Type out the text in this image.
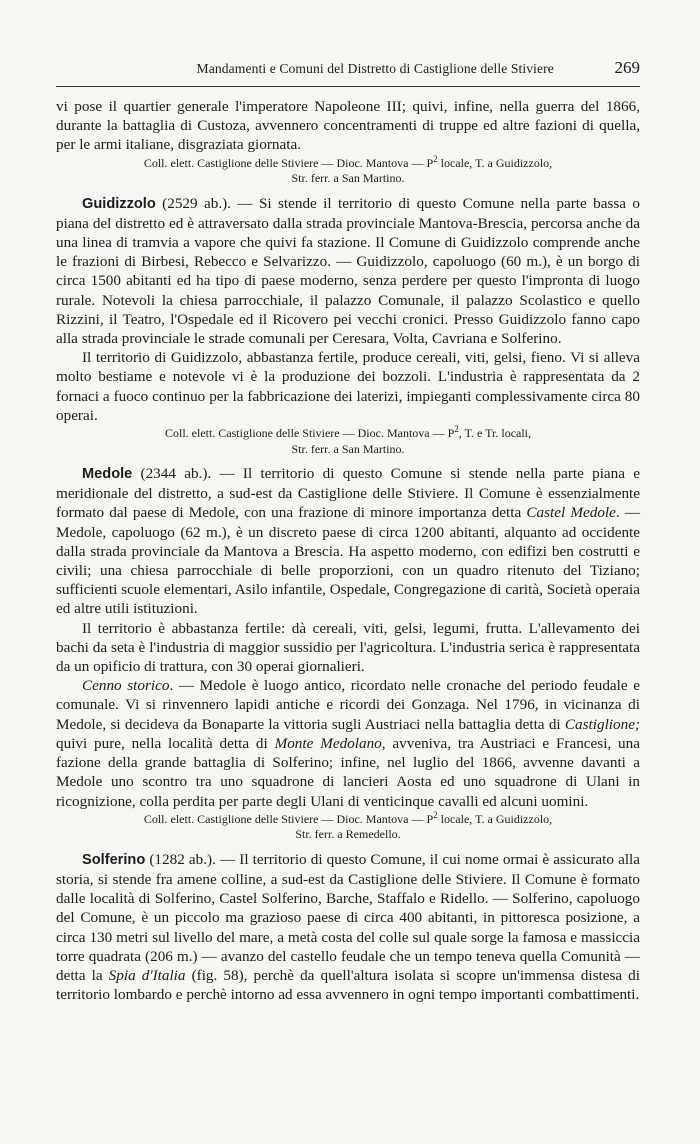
Mandamenti e Comuni del Distretto di Castiglione delle Stiviere	269

vi pose il quartier generale l'imperatore Napoleone III; quivi, infine, nella guerra del 1866, durante la battaglia di Custoza, avvennero concentramenti di truppe ed altre fazioni di quella, per le armi italiane, disgraziata giornata.

Coll. elett. Castiglione delle Stiviere — Dioc. Mantova — $P^2$ locale, T. a Guidizzolo,
Str. ferr. a San Martino.

Guidizzolo (2529 ab.). — Si stende il territorio di questo Comune nella parte bassa o piana del distretto ed è attraversato dalla strada provinciale Mantova-Brescia, percorsa anche da una linea di tramvia a vapore che quivi fa stazione. Il Comune di Guidizzolo comprende anche le frazioni di Birbesi, Rebecco e Selvarizzo. — Guidizzolo, capoluogo (60 m.), è un borgo di circa 1500 abitanti ed ha tipo di paese moderno, senza perdere per questo l'impronta di luogo rurale. Notevoli la chiesa parrocchiale, il palazzo Comunale, il palazzo Scolastico e quello Rizzini, il Teatro, l'Ospedale ed il Ricovero pei vecchi cronici. Presso Guidizzolo fanno capo alla strada provinciale le strade comunali per Ceresara, Volta, Cavriana e Solferino.

Il territorio di Guidizzolo, abbastanza fertile, produce cereali, viti, gelsi, fieno. Vi si alleva molto bestiame e notevole vi è la produzione dei bozzoli. L'industria è rappresentata da 2 fornaci a fuoco continuo per la fabbricazione dei laterizi, impieganti complessivamente circa 80 operai.

Coll. elett. Castiglione delle Stiviere — Dioc. Mantova — $P^2$, T. e Tr. locali,
Str. ferr. a San Martino.

Medole (2344 ab.). — Il territorio di questo Comune si stende nella parte piana e meridionale del distretto, a sud-est da Castiglione delle Stiviere. Il Comune è essenzialmente formato dal paese di Medole, con una frazione di minore importanza detta Castel Medole. — Medole, capoluogo (62 m.), è un discreto paese di circa 1200 abitanti, alquanto ad occidente dalla strada provinciale da Mantova a Brescia. Ha aspetto moderno, con edifizi ben costrutti e civili; una chiesa parrocchiale di belle proporzioni, con un quadro ritenuto del Tiziano; sufficienti scuole elementari, Asilo infantile, Ospedale, Congregazione di carità, Società operaia ed altre utili istituzioni.

Il territorio è abbastanza fertile: dà cereali, viti, gelsi, legumi, frutta. L'allevamento dei bachi da seta è l'industria di maggior sussidio per l'agricoltura. L'industria serica è rappresentata da un opificio di trattura, con 30 operai giornalieri.

Cenno storico. — Medole è luogo antico, ricordato nelle cronache del periodo feudale e comunale. Vi si rinvennero lapidi antiche e ricordi dei Gonzaga. Nel 1796, in vicinanza di Medole, si decideva da Bonaparte la vittoria sugli Austriaci nella battaglia detta di Castiglione; quivi pure, nella località detta di Monte Medolano, avveniva, tra Austriaci e Francesi, una fazione della grande battaglia di Solferino; infine, nel luglio del 1866, avvenne davanti a Medole uno scontro tra uno squadrone di lancieri Aosta ed uno squadrone di Ulani in ricognizione, colla perdita per parte degli Ulani di venticinque cavalli ed alcuni uomini.

Coll. elett. Castiglione delle Stiviere — Dioc. Mantova — $P^2$ locale, T. a Guidizzolo,
Str. ferr. a Remedello.

Solferino (1282 ab.). — Il territorio di questo Comune, il cui nome ormai è assicurato alla storia, si stende fra amene colline, a sud-est da Castiglione delle Stiviere. Il Comune è formato dalle località di Solferino, Castel Solferino, Barche, Staffalo e Ridello. — Solferino, capoluogo del Comune, è un piccolo ma grazioso paese di circa 400 abitanti, in pittoresca posizione, a circa 130 metri sul livello del mare, a metà costa del colle sul quale sorge la famosa e massiccia torre quadrata (206 m.) — avanzo del castello feudale che un tempo teneva quella Comunità — detta la Spia d'Italia (fig. 58), perchè da quell'altura isolata si scopre un'immensa distesa di territorio lombardo e perchè intorno ad essa avvennero in ogni tempo importanti combattimenti.
